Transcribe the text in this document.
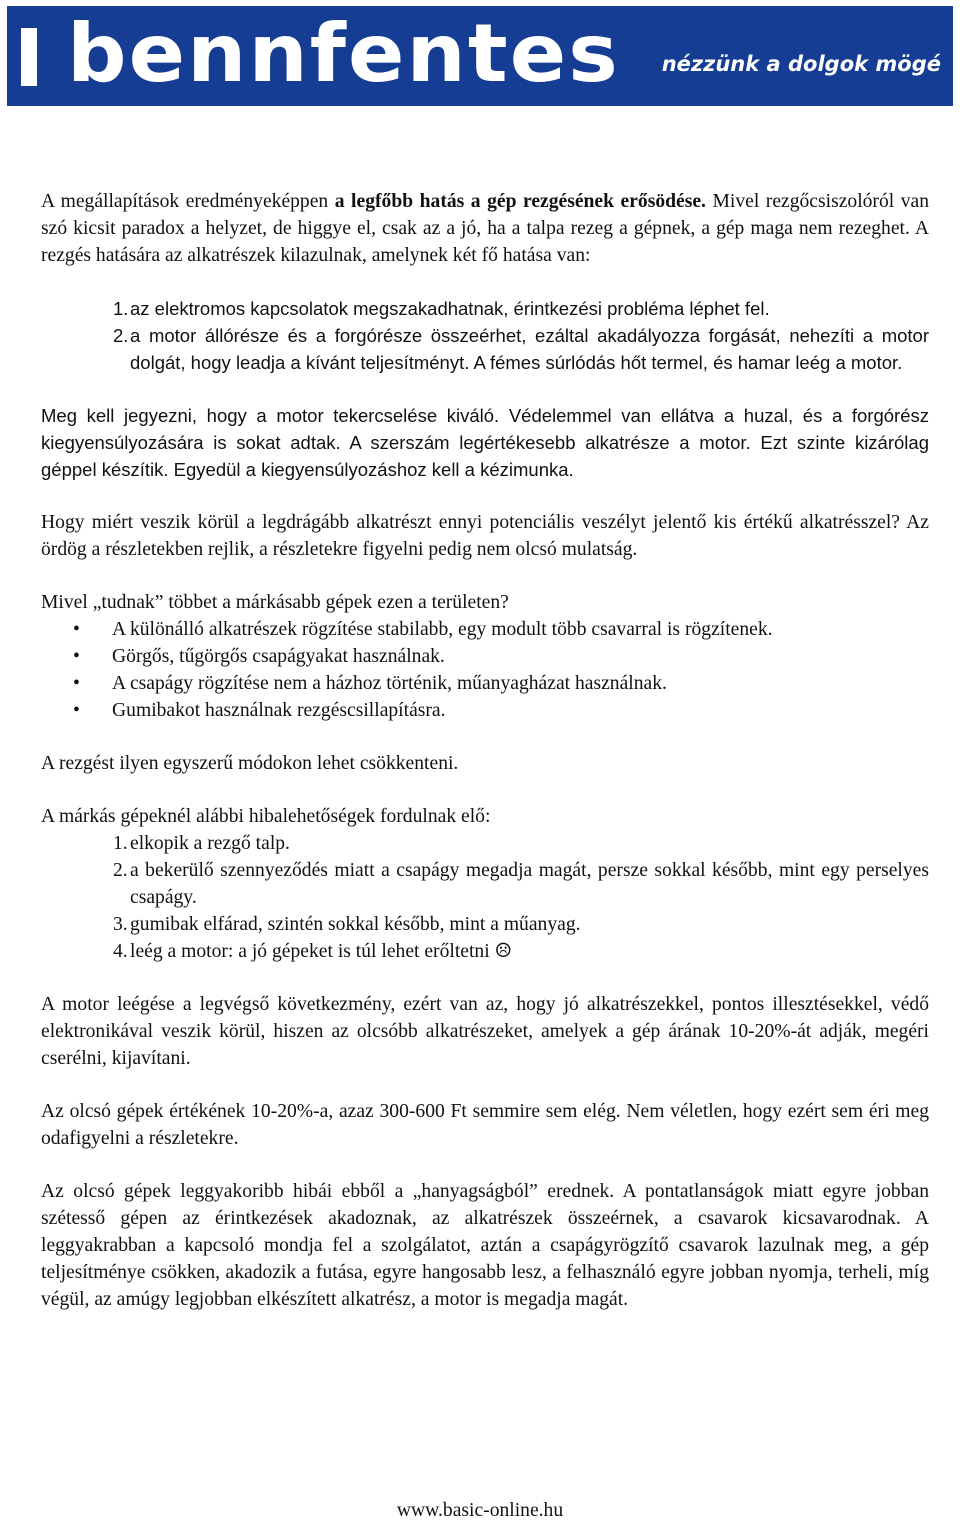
bennfentes nézzünk a dolgok mögé

A megállapítások eredményeképpen a legfőbb hatás a gép rezgésének erősödése. Mivel rezgőcsiszolóról van szó kicsit paradox a helyzet, de higgye el, csak az a jó, ha a talpa rezeg a gépnek, a gép maga nem rezeghet. A rezgés hatására az alkatrészek kilazulnak, amelynek két fő hatása van:

1. az elektromos kapcsolatok megszakadhatnak, érintkezési probléma léphet fel.
2. a motor állórésze és a forgórésze összeérhet, ezáltal akadályozza forgását, nehezíti a motor dolgát, hogy leadja a kívánt teljesítményt. A fémes súrlódás hőt termel, és hamar leég a motor.

Meg kell jegyezni, hogy a motor tekercselése kiváló. Védelemmel van ellátva a huzal, és a forgórész kiegyensúlyozására is sokat adtak. A szerszám legértékesebb alkatrésze a motor. Ezt szinte kizárólag géppel készítik. Egyedül a kiegyensúlyozáshoz kell a kézimunka.

Hogy miért veszik körül a legdrágább alkatrészt ennyi potenciális veszélyt jelentő kis értékű alkatrésszel? Az ördög a részletekben rejlik, a részletekre figyelni pedig nem olcsó mulatság.

Mivel „tudnak” többet a márkásabb gépek ezen a területen?

• A különálló alkatrészek rögzítése stabilabb, egy modult több csavarral is rögzítenek.
• Görgős, tűgörgős csapágyakat használnak.
• A csapágy rögzítése nem a házhoz történik, műanyagházat használnak.
• Gumibakot használnak rezgéscsillapításra.

A rezgést ilyen egyszerű módokon lehet csökkenteni.

A márkás gépeknél alábbi hibalehetőségek fordulnak elő:

1. elkopik a rezgő talp.
2. a bekerülő szennyeződés miatt a csapágy megadja magát, persze sokkal később, mint egy perselyes csapágy.
3. gumibak elfárad, szintén sokkal később, mint a műanyag.
4. leég a motor: a jó gépeket is túl lehet erőltetni ☹

A motor leégése a legvégső következmény, ezért van az, hogy jó alkatrészekkel, pontos illesztésekkel, védő elektronikával veszik körül, hiszen az olcsóbb alkatrészeket, amelyek a gép árának 10-20%-át adják, megéri cserélni, kijavítani.

Az olcsó gépek értékének 10-20%-a, azaz 300-600 Ft semmire sem elég. Nem véletlen, hogy ezért sem éri meg odafigyelni a részletekre.

Az olcsó gépek leggyakoribb hibái ebből a „hanyagságból” erednek. A pontatlanságok miatt egyre jobban szétesső gépen az érintkezések akadoznak, az alkatrészek összeérnek, a csavarok kicsavarodnak. A leggyakrabban a kapcsoló mondja fel a szolgálatot, aztán a csapágyrögzítő csavarok lazulnak meg, a gép teljesítménye csökken, akadozik a futása, egyre hangosabb lesz, a felhasználó egyre jobban nyomja, terheli, míg végül, az amúgy legjobban elkészített alkatrész, a motor is megadja magát.

www.basic-online.hu
